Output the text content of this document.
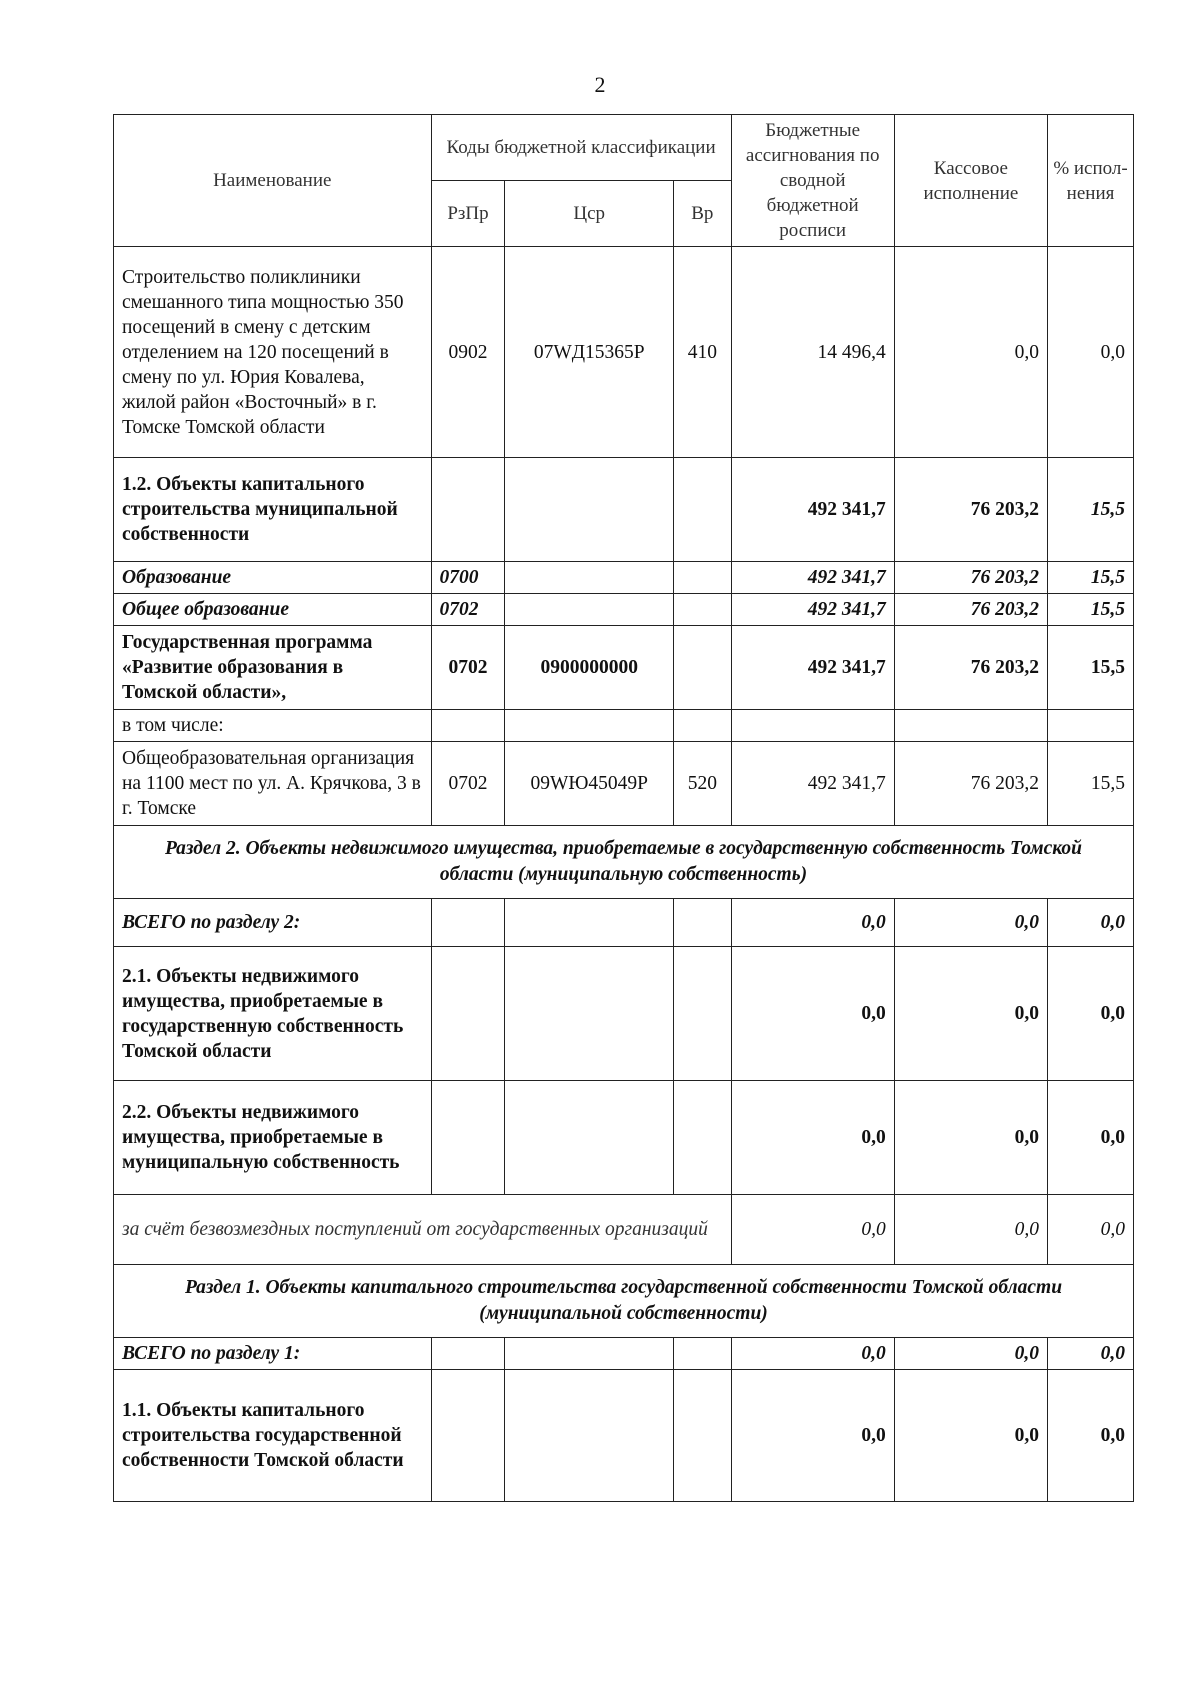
2
Наименование	Коды бюджетной классификации			Бюджетные ассигнования по сводной бюджетной росписи	Кассовое исполнение	% испол-нения
	РзПр	Цср	Вр			
Строительство поликлиники смешанного типа мощностью 350 посещений в смену с детским отделением на 120 посещений в смену по ул. Юрия Ковалева, жилой район «Восточный» в г. Томске Томской области	0902	07WД15365P	410	14 496,4	0,0	0,0
1.2. Объекты капитального строительства муниципальной собственности				492 341,7	76 203,2	15,5
Образование	0700			492 341,7	76 203,2	15,5
Общее образование	0702			492 341,7	76 203,2	15,5
Государственная программа «Развитие образования в Томской области»,	0702	0900000000		492 341,7	76 203,2	15,5
в том числе:						
Общеобразовательная организация на 1100 мест по ул. А. Крячкова, 3 в г. Томске	0702	09WЮ45049P	520	492 341,7	76 203,2	15,5
Раздел 2. Объекты недвижимого имущества, приобретаемые в государственную собственность Томской области (муниципальную собственность)						
ВСЕГО по разделу 2:				0,0	0,0	0,0
2.1. Объекты недвижимого имущества, приобретаемые в государственную собственность Томской области				0,0	0,0	0,0
2.2. Объекты недвижимого имущества, приобретаемые в муниципальную собственность				0,0	0,0	0,0
за счёт безвозмездных поступлений от государственных организаций				0,0	0,0	0,0
Раздел 1. Объекты капитального строительства государственной собственности Томской области (муниципальной собственности)						
ВСЕГО по разделу 1:				0,0	0,0	0,0
1.1. Объекты капитального строительства государственной собственности Томской области				0,0	0,0	0,0
